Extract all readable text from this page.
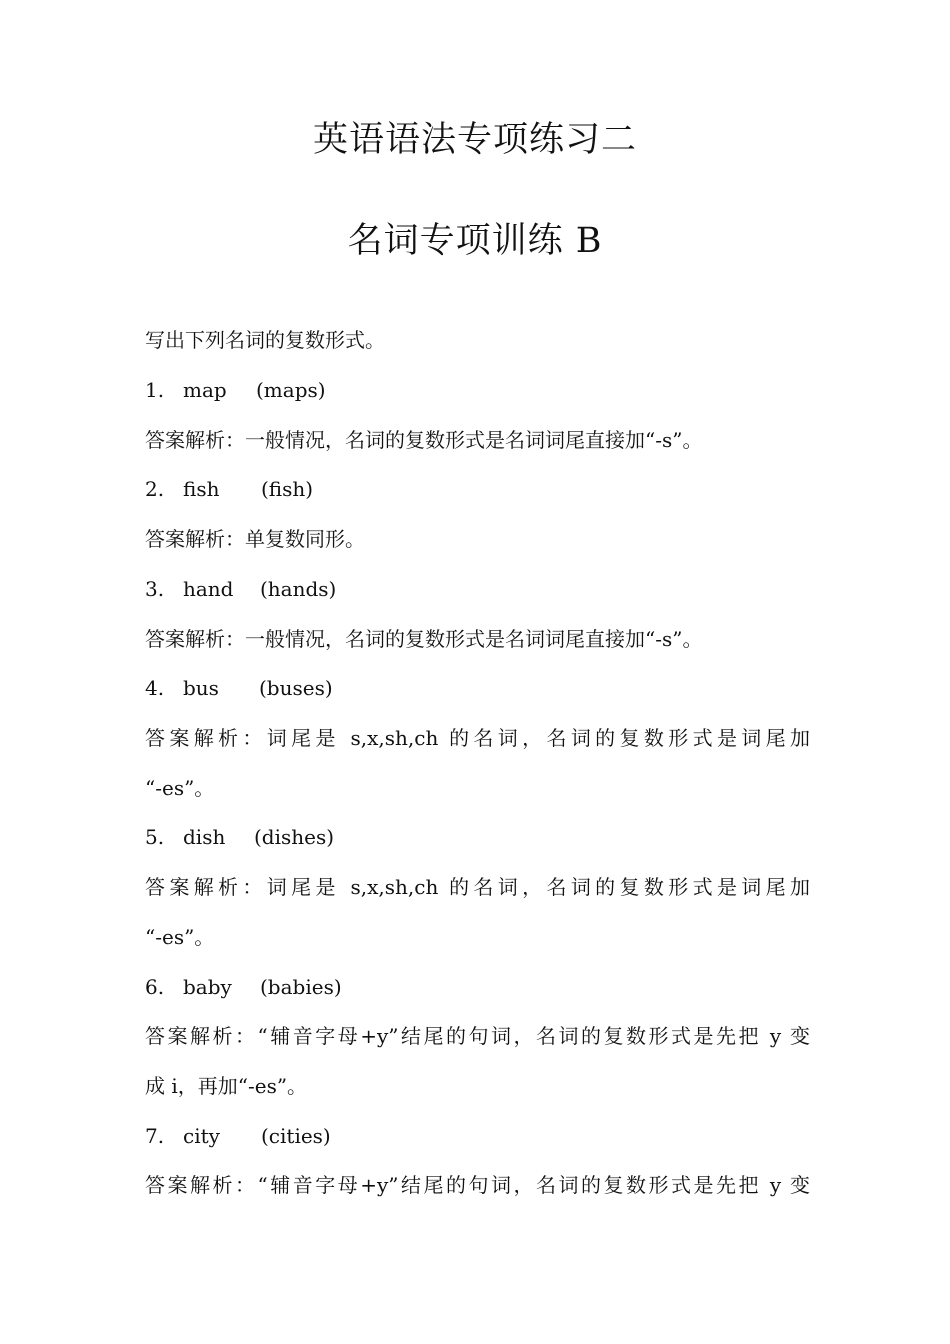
英语语法专项练习二
名词专项训练 B
写出下列名词的复数形式。
1. map (maps)
答案解析：一般情况，名词的复数形式是名词词尾直接加“-s”。
2. fish (fish)
答案解析：单复数同形。
3. hand (hands)
答案解析：一般情况，名词的复数形式是名词词尾直接加“-s”。
4. bus (buses)
答案解析：词尾是 s,x,sh,ch 的名词，名词的复数形式是词尾加
“-es”。
5. dish (dishes)
答案解析：词尾是 s,x,sh,ch 的名词，名词的复数形式是词尾加
“-es”。
6. baby (babies)
答案解析：“辅音字母+y”结尾的句词，名词的复数形式是先把 y 变
成 i，再加“-es”。
7. city (cities)
答案解析：“辅音字母+y”结尾的句词，名词的复数形式是先把 y 变
